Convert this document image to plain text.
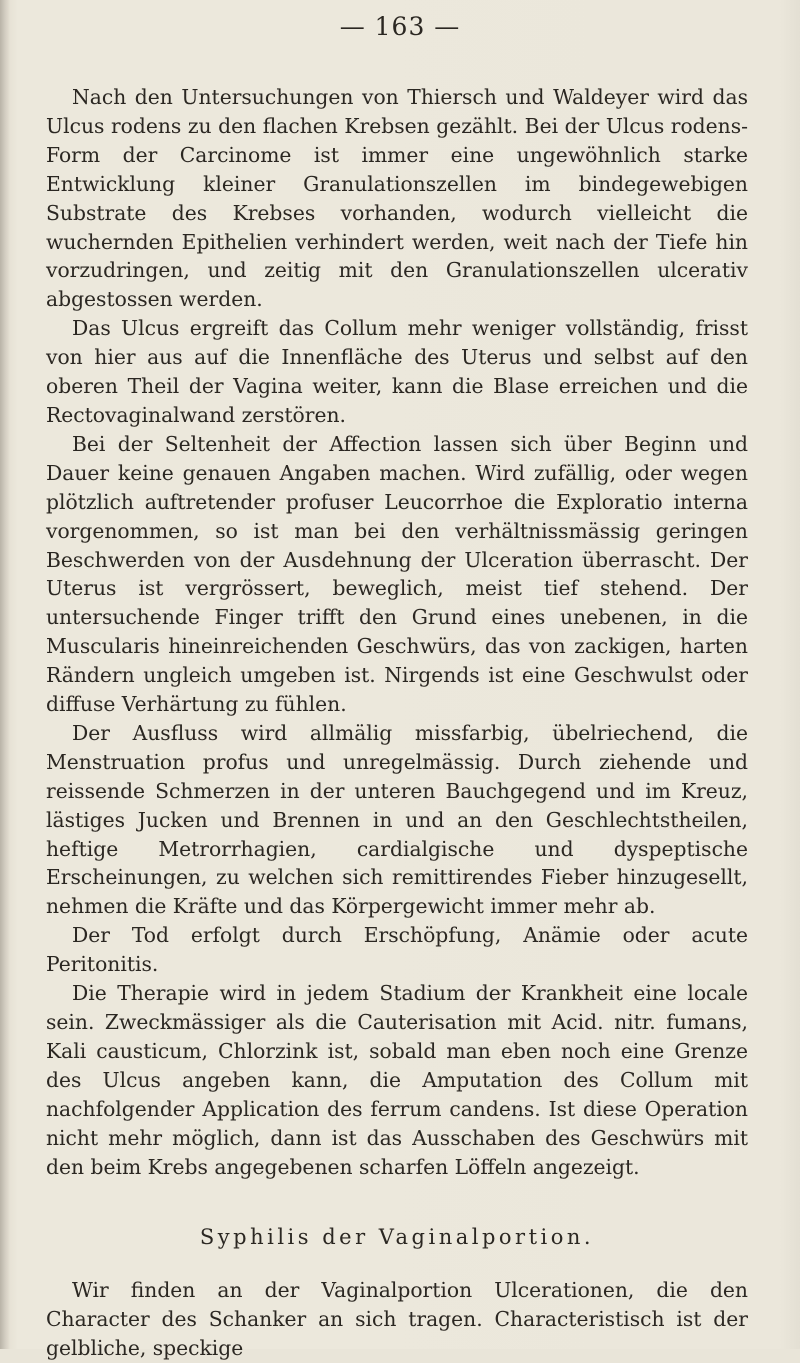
— 163 —

Nach den Untersuchungen von Thiersch und Waldeyer wird das Ulcus rodens zu den flachen Krebsen gezählt. Bei der Ulcus rodens-Form der Carcinome ist immer eine ungewöhnlich starke Entwicklung kleiner Granulationszellen im bindegewebigen Substrate des Krebses vorhanden, wodurch vielleicht die wuchernden Epithelien verhindert werden, weit nach der Tiefe hin vorzudringen, und zeitig mit den Granulationszellen ulcerativ abgestossen werden.

Das Ulcus ergreift das Collum mehr weniger vollständig, frisst von hier aus auf die Innenfläche des Uterus und selbst auf den oberen Theil der Vagina weiter, kann die Blase erreichen und die Rectovaginalwand zerstören.

Bei der Seltenheit der Affection lassen sich über Beginn und Dauer keine genauen Angaben machen. Wird zufällig, oder wegen plötzlich auftretender profuser Leucorrhoe die Exploratio interna vorgenommen, so ist man bei den verhältnissmässig geringen Beschwerden von der Ausdehnung der Ulceration überrascht. Der Uterus ist vergrössert, beweglich, meist tief stehend. Der untersuchende Finger trifft den Grund eines unebenen, in die Muscularis hineinreichenden Geschwürs, das von zackigen, harten Rändern ungleich umgeben ist. Nirgends ist eine Geschwulst oder diffuse Verhärtung zu fühlen.

Der Ausfluss wird allmälig missfarbig, übelriechend, die Menstruation profus und unregelmässig. Durch ziehende und reissende Schmerzen in der unteren Bauchgegend und im Kreuz, lästiges Jucken und Brennen in und an den Geschlechtstheilen, heftige Metrorrhagien, cardialgische und dyspeptische Erscheinungen, zu welchen sich remittirendes Fieber hinzugesellt, nehmen die Kräfte und das Körpergewicht immer mehr ab.

Der Tod erfolgt durch Erschöpfung, Anämie oder acute Peritonitis.

Die Therapie wird in jedem Stadium der Krankheit eine locale sein. Zweckmässiger als die Cauterisation mit Acid. nitr. fumans, Kali causticum, Chlorzink ist, sobald man eben noch eine Grenze des Ulcus angeben kann, die Amputation des Collum mit nachfolgender Application des ferrum candens. Ist diese Operation nicht mehr möglich, dann ist das Ausschaben des Geschwürs mit den beim Krebs angegebenen scharfen Löffeln angezeigt.

Syphilis der Vaginalportion.

Wir finden an der Vaginalportion Ulcerationen, die den Character des Schanker an sich tragen. Characteristisch ist der gelbliche, speckige
